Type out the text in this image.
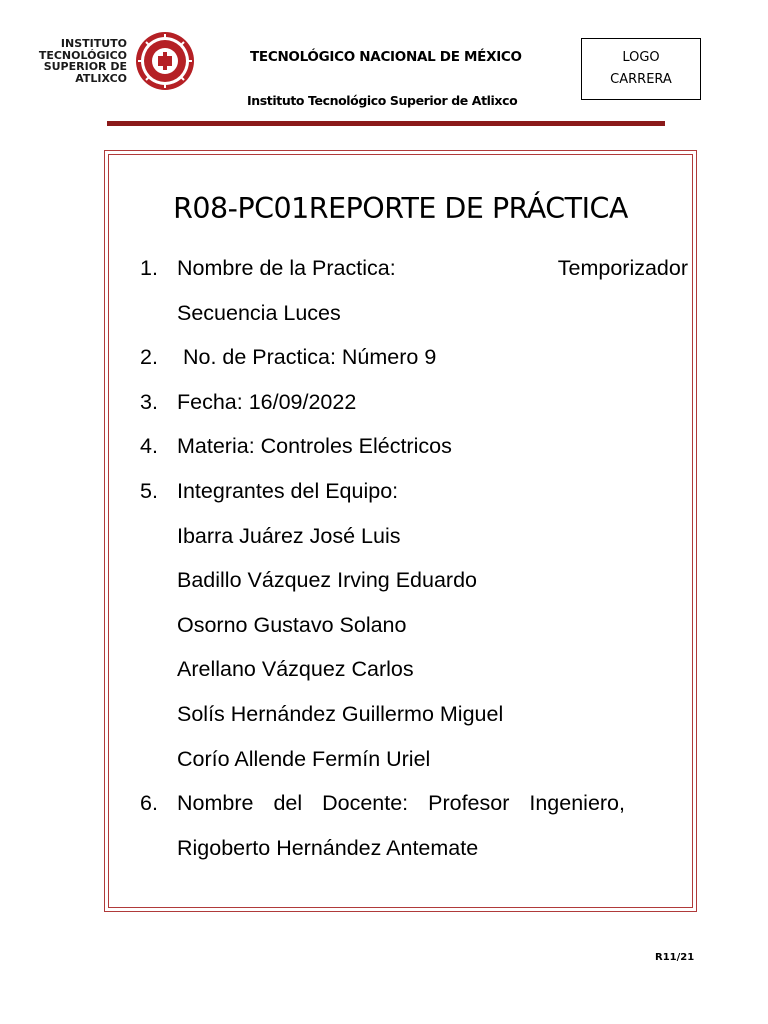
INSTITUTO
TECNOLÓGICO
SUPERIOR DE
ATLIXCO
TECNOLÓGICO NACIONAL DE MÉXICO
Instituto Tecnológico Superior de Atlixco
LOGO
CARRERA
R08-PC01REPORTE DE PRÁCTICA
1. Nombre de la Practica:	Temporizador
Secuencia Luces
2. No. de Practica: Número 9
3. Fecha: 16/09/2022
4. Materia: Controles Eléctricos
5. Integrantes del Equipo:
Ibarra Juárez José Luis
Badillo Vázquez Irving Eduardo
Osorno Gustavo Solano
Arellano Vázquez Carlos
Solís Hernández Guillermo Miguel
Corío Allende Fermín Uriel
6. Nombre del Docente: Profesor Ingeniero,
Rigoberto Hernández Antemate
R11/21
